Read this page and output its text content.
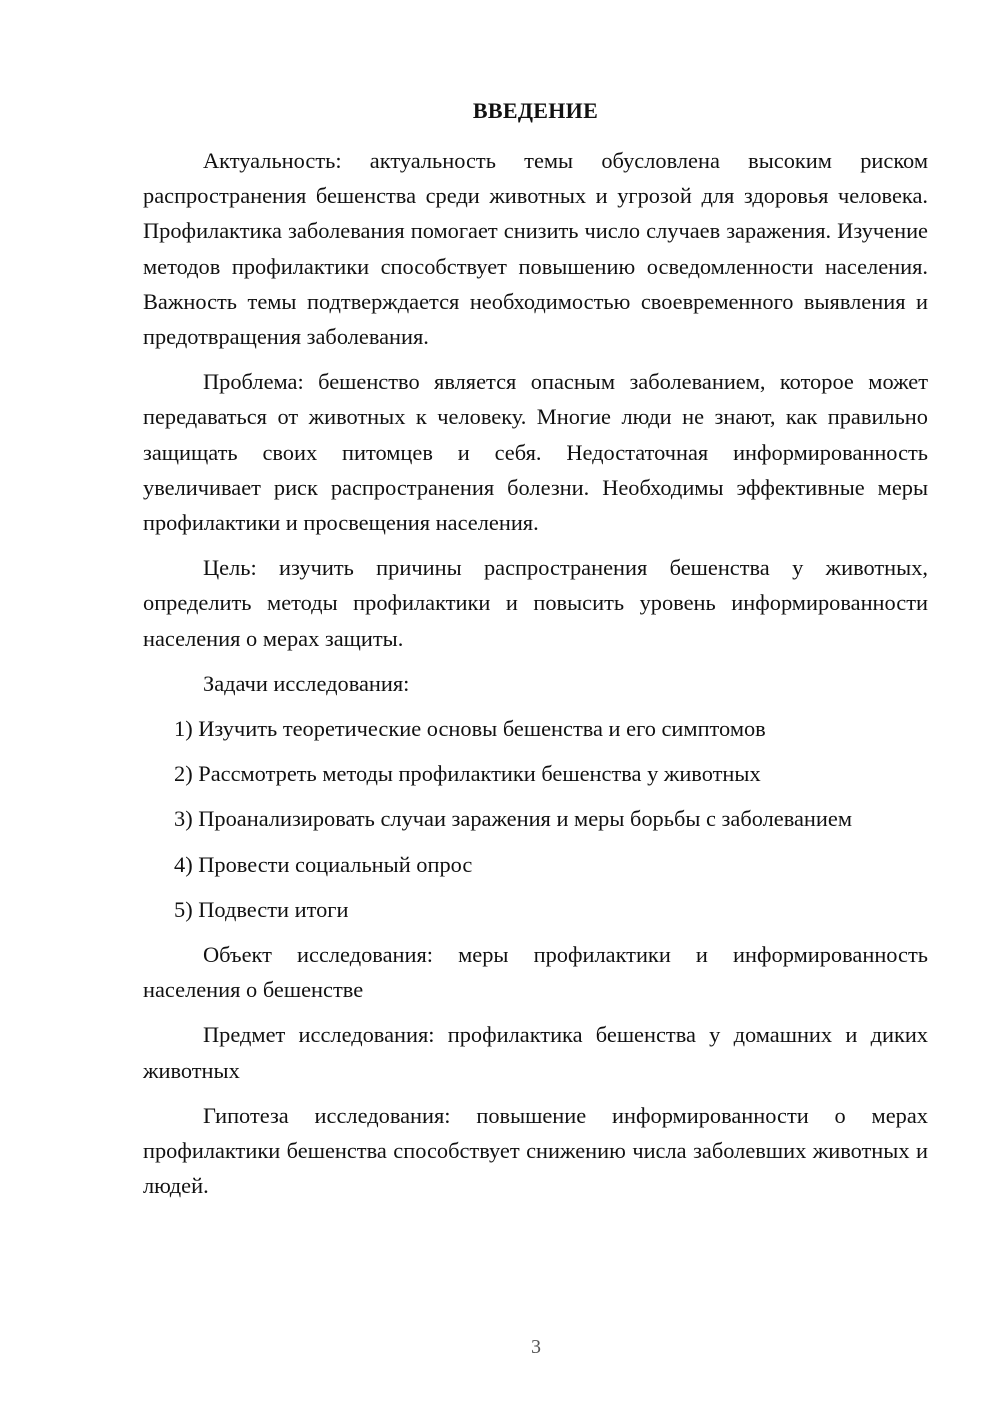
ВВЕДЕНИЕ

Актуальность: актуальность темы обусловлена высоким риском распространения бешенства среди животных и угрозой для здоровья человека. Профилактика заболевания помогает снизить число случаев заражения. Изучение методов профилактики способствует повышению осведомленности населения. Важность темы подтверждается необходимостью своевременного выявления и предотвращения заболевания.

Проблема: бешенство является опасным заболеванием, которое может передаваться от животных к человеку. Многие люди не знают, как правильно защищать своих питомцев и себя. Недостаточная информированность увеличивает риск распространения болезни. Необходимы эффективные меры профилактики и просвещения населения.

Цель: изучить причины распространения бешенства у животных, определить методы профилактики и повысить уровень информированности населения о мерах защиты.

Задачи исследования:

1) Изучить теоретические основы бешенства и его симптомов

2) Рассмотреть методы профилактики бешенства у животных

3) Проанализировать случаи заражения и меры борьбы с заболеванием

4) Провести социальный опрос

5) Подвести итоги

Объект исследования: меры профилактики и информированность населения о бешенстве

Предмет исследования: профилактика бешенства у домашних и диких животных

Гипотеза исследования: повышение информированности о мерах профилактики бешенства способствует снижению числа заболевших животных и людей.

3
